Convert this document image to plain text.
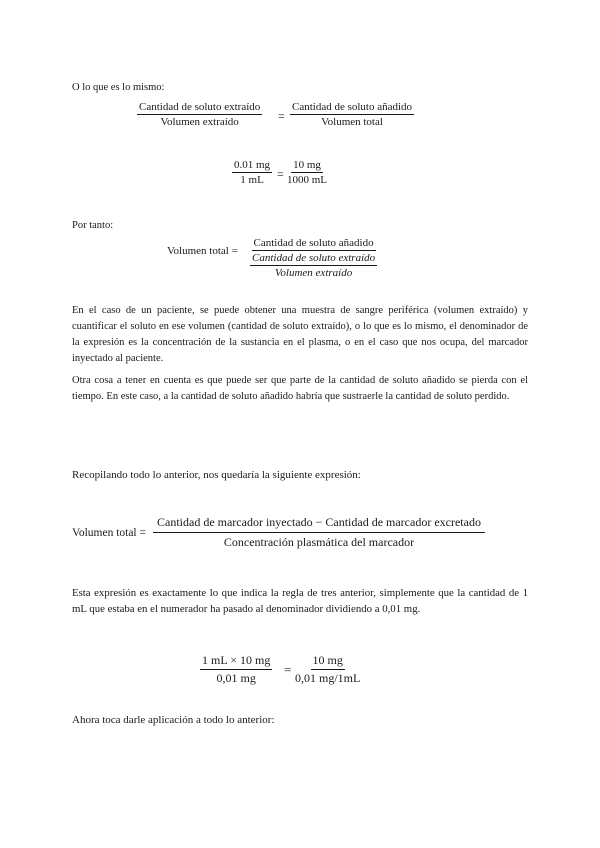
O lo que es lo mismo:
Cantidad de soluto extraído
Volumen extraído	=
Cantidad de soluto añadido
Volumen total
$\frac{0.01 mg}{1 mL} = \frac{10 mg}{1000 mL}$
Por tanto:
Volumen total =
Cantidad de soluto añadido
$\frac{\text{Cantidad de soluto extraído}}{\text{Volumen extraído}}$
En el caso de un paciente, se puede obtener una muestra de sangre periférica (volumen extraído) y cuantificar el soluto en ese volumen (cantidad de soluto extraído), o lo que es lo mismo, el denominador de la expresión es la concentración de la sustancia en el plasma, o en el caso que nos ocupa, del marcador inyectado al paciente.
Otra cosa a tener en cuenta es que puede ser que parte de la cantidad de soluto añadido se pierda con el tiempo. En este caso, a la cantidad de soluto añadido habría que sustraerle la cantidad de soluto perdido.
Recopilando todo lo anterior, nos quedaría la siguiente expresión:
Volumen total =
Cantidad de marcador inyectado − Cantidad de marcador excretado
Concentración plasmática del marcador
Esta expresión es exactamente lo que indica la regla de tres anterior, simplemente que la cantidad de 1 mL que estaba en el numerador ha pasado al denominador dividiendo a 0,01 mg.
$\frac{1 mL \times 10 mg}{0,01 mg} = \frac{10 mg}{0,01 mg/1mL}$
Ahora toca darle aplicación a todo lo anterior:
